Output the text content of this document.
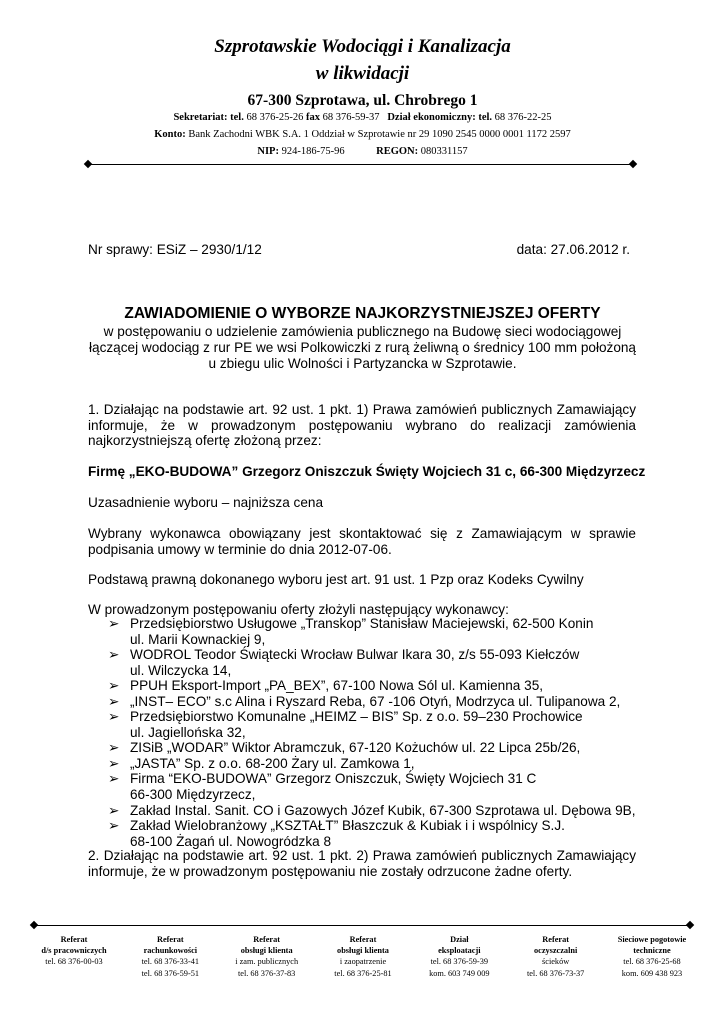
Szprotawskie Wodociągi i Kanalizacja
w likwidacji
67-300 Szprotawa, ul. Chrobrego 1
Sekretariat: tel. 68 376-25-26 fax 68 376-59-37 Dział ekonomiczny: tel. 68 376-22-25
Konto: Bank Zachodni WBK S.A. 1 Oddział w Szprotawie nr 29 1090 2545 0000 0001 1172 2597
NIP: 924-186-75-96	REGON: 080331157
Nr sprawy: ESiZ – 2930/1/12	data: 27.06.2012 r.
ZAWIADOMIENIE O WYBORZE NAJKORZYSTNIEJSZEJ OFERTY
w postępowaniu o udzielenie zamówienia publicznego na Budowę sieci wodociągowej
łączącej wodociąg z rur PE we wsi Polkowiczki z rurą żeliwną o średnicy 100 mm położoną
u zbiegu ulic Wolności i Partyzancka w Szprotawie.
1. Działając na podstawie art. 92 ust. 1 pkt. 1) Prawa zamówień publicznych Zamawiający informuje, że w prowadzonym postępowaniu wybrano do realizacji zamówienia najkorzystniejszą ofertę złożoną przez:
Firmę „EKO-BUDOWA” Grzegorz Oniszczuk Święty Wojciech 31 c, 66-300 Międzyrzecz
Uzasadnienie wyboru – najniższa cena
Wybrany wykonawca obowiązany jest skontaktować się z Zamawiającym w sprawie podpisania umowy w terminie do dnia 2012-07-06.
Podstawą prawną dokonanego wyboru jest art. 91 ust. 1 Pzp oraz Kodeks Cywilny
W prowadzonym postępowaniu oferty złożyli następujący wykonawcy:
➢ Przedsiębiorstwo Usługowe „Transkop” Stanisław Maciejewski, 62-500 Konin
ul. Marii Kownackiej 9,
➢ WODROL Teodor Świątecki Wrocław Bulwar Ikara 30, z/s 55-093 Kiełczów
ul. Wilczycka 14,
➢ PPUH Eksport-Import „PA_BEX”, 67-100 Nowa Sól ul. Kamienna 35,
➢ „INST– ECO” s.c Alina i Ryszard Reba, 67 -106 Otyń, Modrzyca ul. Tulipanowa 2,
➢ Przedsiębiorstwo Komunalne „HEIMZ – BIS” Sp. z o.o. 59–230 Prochowice
ul. Jagiellońska 32,
➢ ZISiB „WODAR” Wiktor Abramczuk, 67-120 Kożuchów ul. 22 Lipca 25b/26,
➢ „JASTA” Sp. z o.o. 68-200 Żary ul. Zamkowa 1,
➢ Firma “EKO-BUDOWA” Grzegorz Oniszczuk, Święty Wojciech 31 C
66-300 Międzyrzecz,
➢ Zakład Instal. Sanit. CO i Gazowych Józef Kubik, 67-300 Szprotawa ul. Dębowa 9B,
➢ Zakład Wielobranżowy „KSZTAŁT” Błaszczuk & Kubiak i i wspólnicy S.J.
68-100 Żagań ul. Nowogródzka 8
2. Działając na podstawie art. 92 ust. 1 pkt. 2) Prawa zamówień publicznych Zamawiający informuje, że w prowadzonym postępowaniu nie zostały odrzucone żadne oferty.
Referat
d/s pracowniczych
tel. 68 376-00-03
Referat
rachunkowości
tel. 68 376-33-41
tel. 68 376-59-51
Referat
obsługi klienta
i zam. publicznych
tel. 68 376-37-83
Referat
obsługi klienta
i zaopatrzenie
tel. 68 376-25-81
Dział
eksploatacji
tel. 68 376-59-39
kom. 603 749 009
Referat
oczyszczalni
ścieków
tel. 68 376-73-37
Sieciowe pogotowie
techniczne
tel. 68 376-25-68
kom. 609 438 923
